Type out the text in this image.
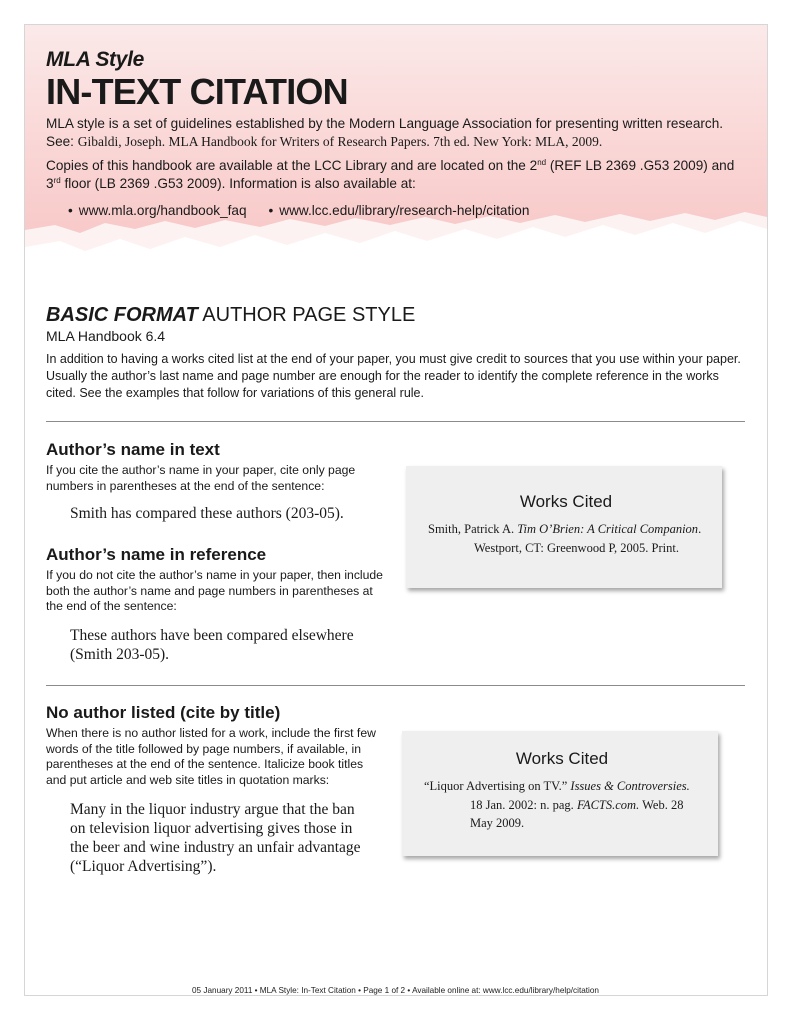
MLA Style

IN-TEXT CITATION

MLA style is a set of guidelines established by the Modern Language Association for presenting written research. See: Gibaldi, Joseph. MLA Handbook for Writers of Research Papers. 7th ed. New York: MLA, 2009.

Copies of this handbook are available at the LCC Library and are located on the 2nd (REF LB 2369 .G53 2009) and 3rd floor (LB 2369 .G53 2009). Information is also available at:

• www.mla.org/handbook_faq • www.lcc.edu/library/research-help/citation

BASIC FORMAT AUTHOR PAGE STYLE

MLA Handbook 6.4

In addition to having a works cited list at the end of your paper, you must give credit to sources that you use within your paper. Usually the author’s last name and page number are enough for the reader to identify the complete reference in the works cited. See the examples that follow for variations of this general rule.

Author’s name in text

If you cite the author’s name in your paper, cite only page numbers in parentheses at the end of the sentence:

Smith has compared these authors (203-05).

Author’s name in reference

If you do not cite the author’s name in your paper, then include both the author’s name and page numbers in parentheses at the end of the sentence:

These authors have been compared elsewhere (Smith 203-05).

Works Cited

Smith, Patrick A. Tim O’Brien: A Critical Companion. Westport, CT: Greenwood P, 2005. Print.

No author listed (cite by title)

When there is no author listed for a work, include the first few words of the title followed by page numbers, if available, in parentheses at the end of the sentence. Italicize book titles and put article and web site titles in quotation marks:

Many in the liquor industry argue that the ban on television liquor advertising gives those in the beer and wine industry an unfair advantage (“Liquor Advertising”).

Works Cited

“Liquor Advertising on TV.” Issues & Controversies. 18 Jan. 2002: n. pag. FACTS.com. Web. 28 May 2009.

05 January 2011 • MLA Style: In-Text Citation • Page 1 of 2 • Available online at: www.lcc.edu/library/help/citation
